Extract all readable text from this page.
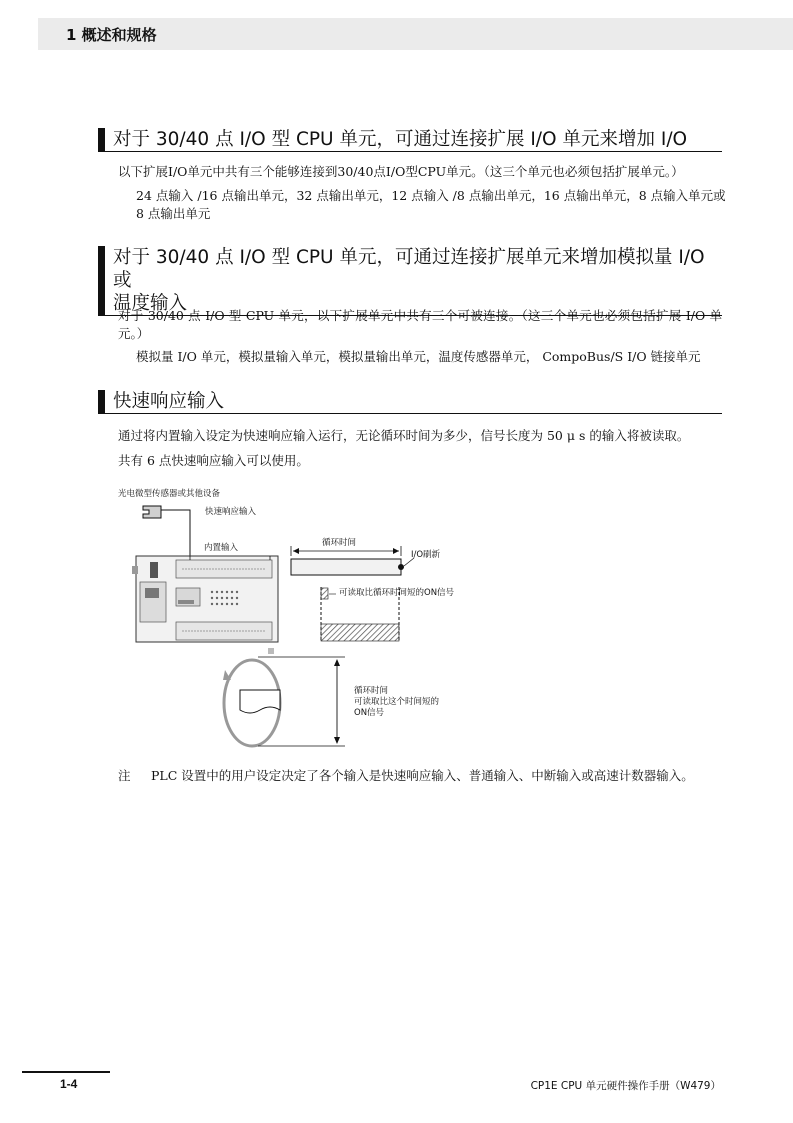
1 概述和规格
对于 30/40 点 I/O 型 CPU 单元，可通过连接扩展 I/O 单元来增加 I/O
以下扩展I/O单元中共有三个能够连接到30/40点I/O型CPU单元。（这三个单元也必须包括扩展单元。）
24 点输入 /16 点输出单元，32 点输出单元，12 点输入 /8 点输出单元，16 点输出单元，8 点输入单元或 8 点输出单元
对于 30/40 点 I/O 型 CPU 单元，可通过连接扩展单元来增加模拟量 I/O 或
温度输入
对于 30/40 点 I/O 型 CPU 单元，以下扩展单元中共有三个可被连接。（这三个单元也必须包括扩展 I/O 单元。）
模拟量 I/O 单元，模拟量输入单元，模拟量输出单元，温度传感器单元， CompoBus/S I/O 链接单元
快速响应输入
通过将内置输入设定为快速响应输入运行，无论循环时间为多少，信号长度为 50 μ s 的输入将被读取。
共有 6 点快速响应输入可以使用。
光电微型传感器或其他设备
快速响应输入
内置输入	循环时间
I/O刷新
可读取比循环时间短的ON信号
循环时间
可读取比这个时间短的
ON信号
注 PLC 设置中的用户设定决定了各个输入是快速响应输入、普通输入、中断输入或高速计数器输入。
1-4	CP1E CPU 单元硬件操作手册（W479）
